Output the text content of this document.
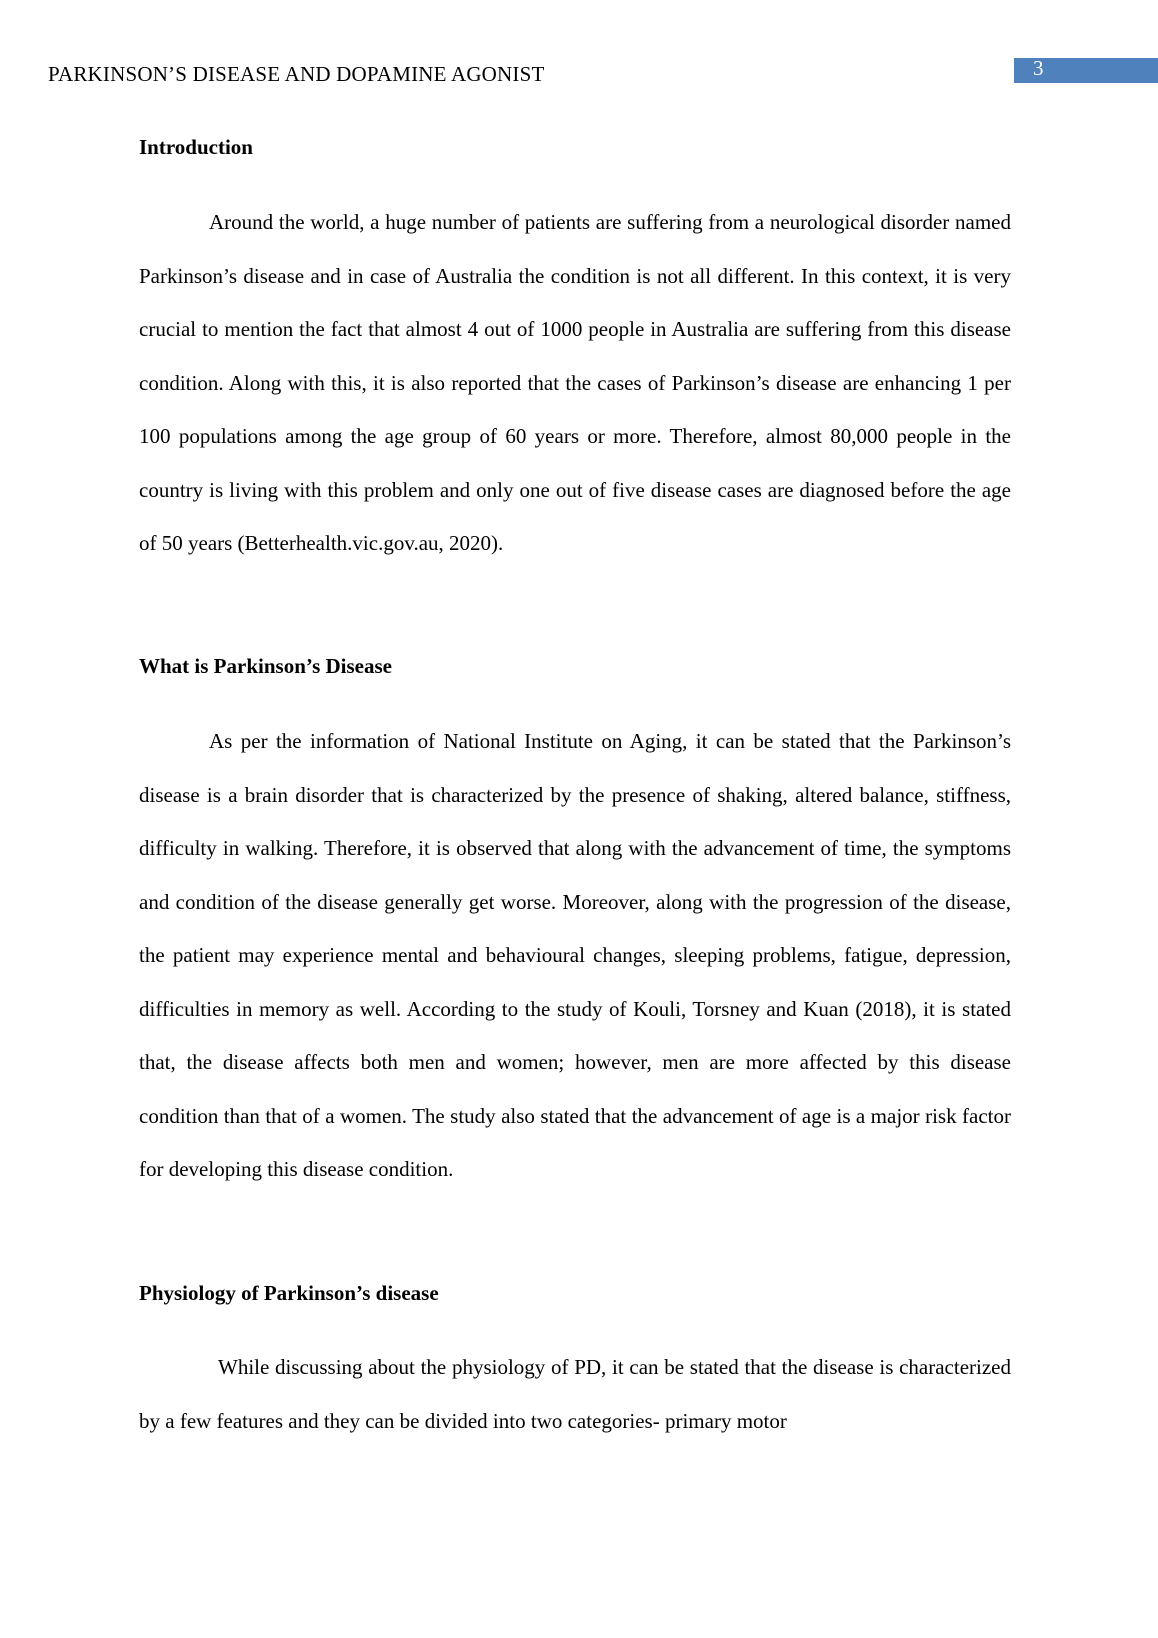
PARKINSON’S DISEASE AND DOPAMINE AGONIST	3
Introduction

Around the world, a huge number of patients are suffering from a neurological disorder named Parkinson’s disease and in case of Australia the condition is not all different. In this context, it is very crucial to mention the fact that almost 4 out of 1000 people in Australia are suffering from this disease condition. Along with this, it is also reported that the cases of Parkinson’s disease are enhancing 1 per 100 populations among the age group of 60 years or more. Therefore, almost 80,000 people in the country is living with this problem and only one out of five disease cases are diagnosed before the age of 50 years (Betterhealth.vic.gov.au, 2020).

What is Parkinson’s Disease

As per the information of National Institute on Aging, it can be stated that the Parkinson’s disease is a brain disorder that is characterized by the presence of shaking, altered balance, stiffness, difficulty in walking. Therefore, it is observed that along with the advancement of time, the symptoms and condition of the disease generally get worse. Moreover, along with the progression of the disease, the patient may experience mental and behavioural changes, sleeping problems, fatigue, depression, difficulties in memory as well. According to the study of Kouli, Torsney and Kuan (2018), it is stated that, the disease affects both men and women; however, men are more affected by this disease condition than that of a women. The study also stated that the advancement of age is a major risk factor for developing this disease condition.

Physiology of Parkinson’s disease

While discussing about the physiology of PD, it can be stated that the disease is characterized by a few features and they can be divided into two categories- primary motor
